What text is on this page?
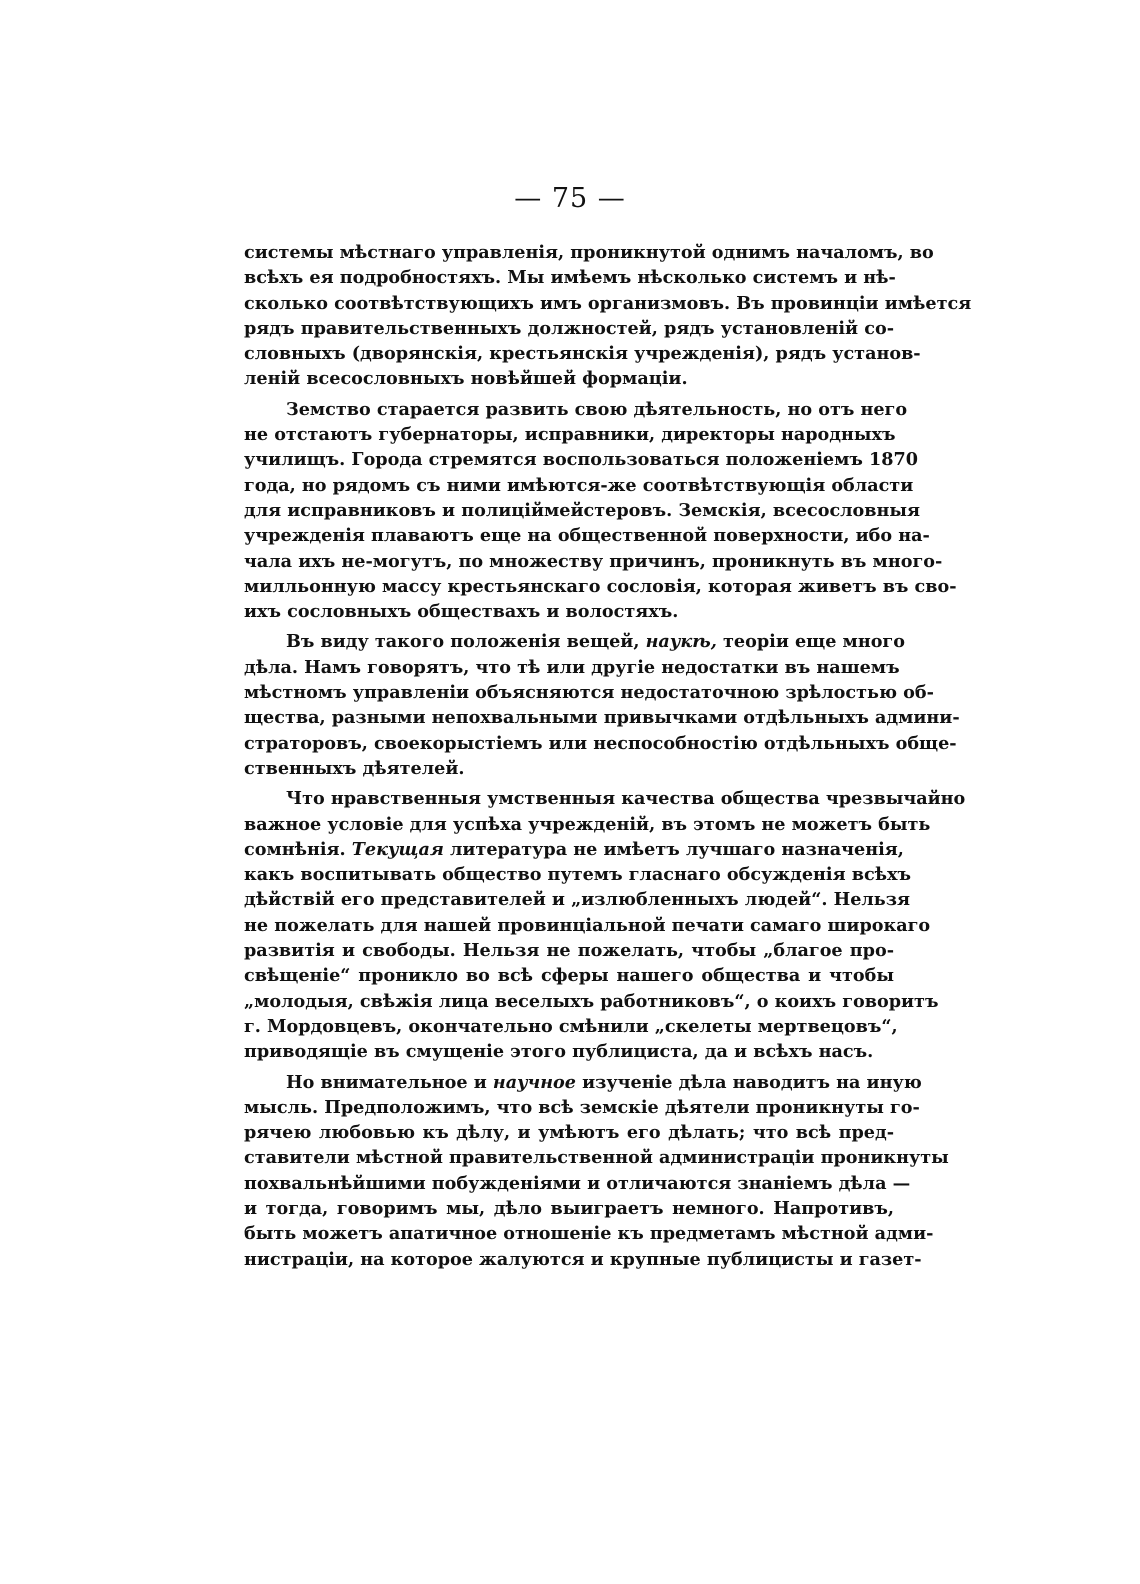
— 75 —
системы мѣстнаго управленія, проникнутой однимъ началомъ, во
всѣхъ ея подробностяхъ. Мы имѣемъ нѣсколько системъ и нѣ-
сколько соотвѣтствующихъ имъ организмовъ. Въ провинціи имѣется
рядъ правительственныхъ должностей, рядъ установленій со-
словныхъ (дворянскія, крестьянскія учрежденія), рядъ установ-
леній всесословныхъ новѣйшей формаціи.
Земство старается развить свою дѣятельность, но отъ него
не отстаютъ губернаторы, исправники, директоры народныхъ
училищъ. Города стремятся воспользоваться положеніемъ 1870
года, но рядомъ съ ними имѣются-же соотвѣтствующія области
для исправниковъ и полиціймейстеровъ. Земскія, всесословныя
учрежденія плаваютъ еще на общественной поверхности, ибо на-
чала ихъ не-могутъ, по множеству причинъ, проникнуть въ много-
милльонную массу крестьянскаго сословія, которая живетъ въ сво-
ихъ сословныхъ обществахъ и волостяхъ.
Въ виду такого положенія вещей, наукѣ, теоріи еще много
дѣла. Намъ говорятъ, что тѣ или другіе недостатки въ нашемъ
мѣстномъ управленіи объясняются недостаточною зрѣлостью об-
щества, разными непохвальными привычками отдѣльныхъ админи-
страторовъ, своекорыстіемъ или неспособностію отдѣльныхъ обще-
ственныхъ дѣятелей.
Что нравственныя умственныя качества общества чрезвычайно
важное условіе для успѣха учрежденій, въ этомъ не можетъ быть
сомнѣнія. Текущая литература не имѣетъ лучшаго назначенія,
какъ воспитывать общество путемъ гласнаго обсужденія всѣхъ
дѣйствій его представителей и „излюбленныхъ людей“. Нельзя
не пожелать для нашей провинціальной печати самаго широкаго
развитія и свободы. Нельзя не пожелать, чтобы „благое про-
свѣщеніе“ проникло во всѣ сферы нашего общества и чтобы
„молодыя, свѣжія лица веселыхъ работниковъ“, о коихъ говоритъ
г. Мордовцевъ, окончательно смѣнили „скелеты мертвецовъ“,
приводящіе въ смущеніе этого публициста, да и всѣхъ насъ.
Но внимательное и научное изученіе дѣла наводитъ на иную
мысль. Предположимъ, что всѣ земскіе дѣятели проникнуты го-
рячею любовью къ дѣлу, и умѣютъ его дѣлать; что всѣ пред-
ставители мѣстной правительственной администраціи проникнуты
похвальнѣйшими побужденіями и отличаются знаніемъ дѣла —
и тогда, говоримъ мы, дѣло выиграетъ немного. Напротивъ,
быть можетъ апатичное отношеніе къ предметамъ мѣстной адми-
нистраціи, на которое жалуются и крупные публицисты и газет-
